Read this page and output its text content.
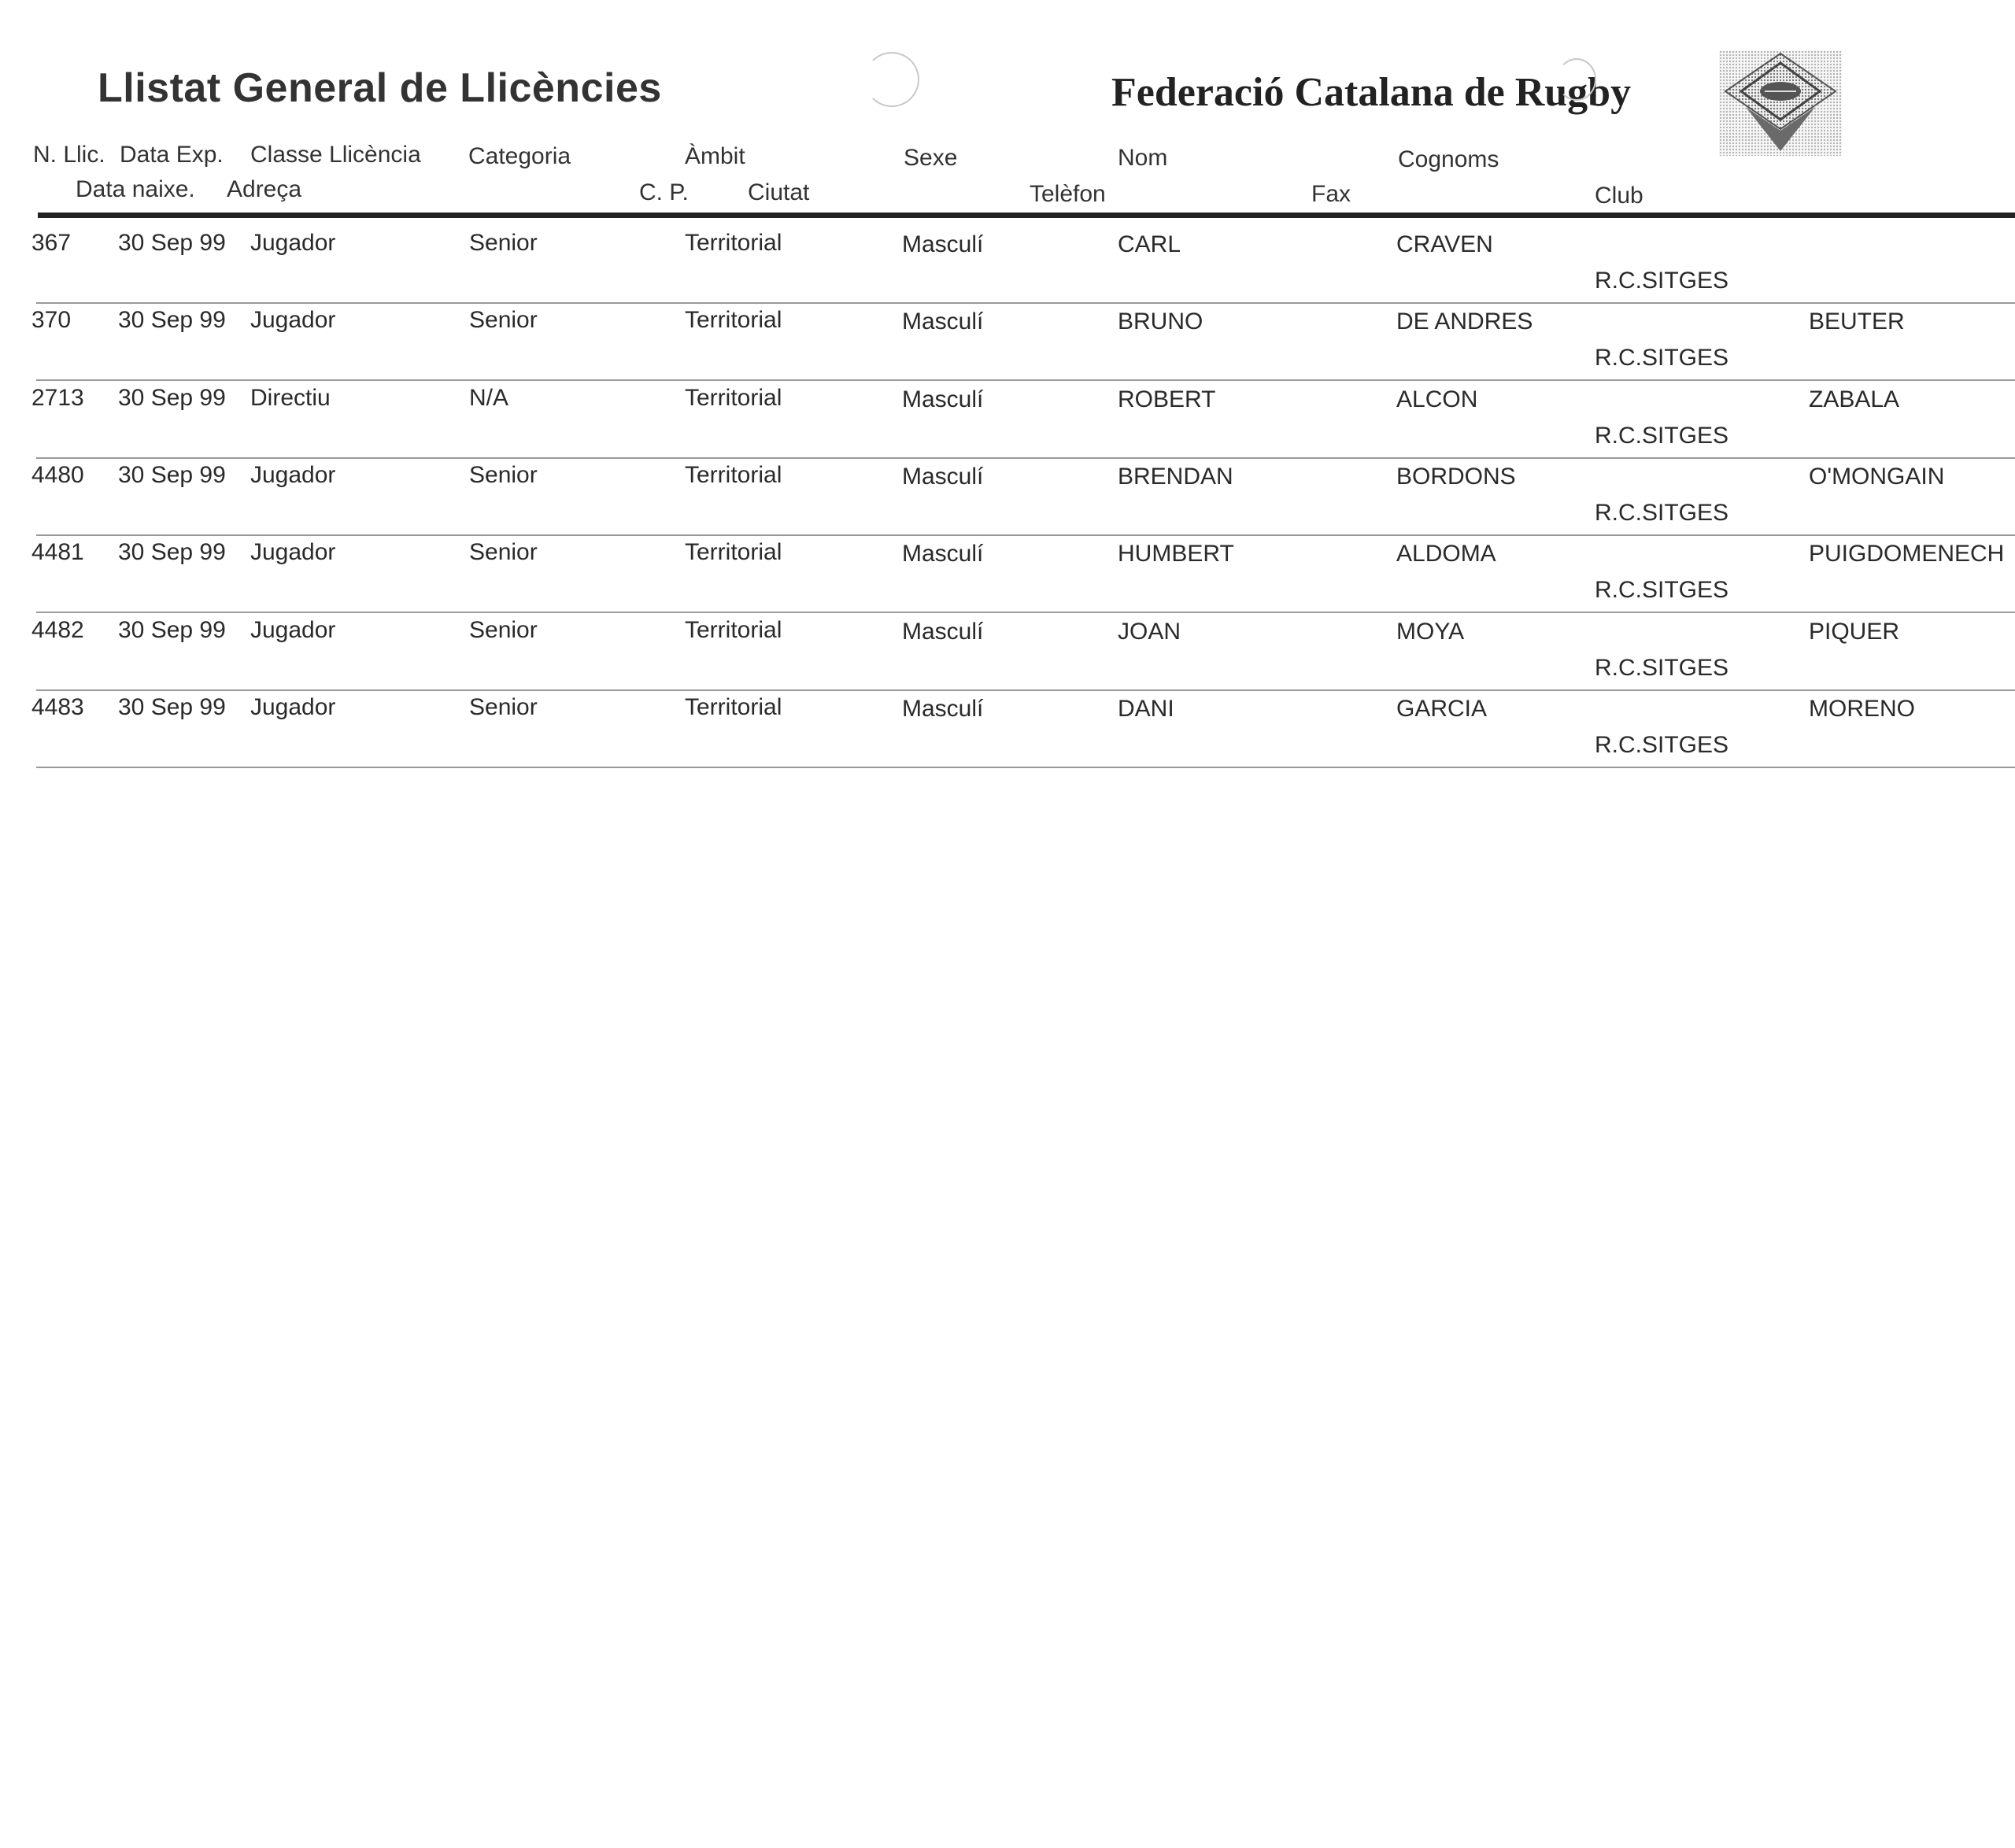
Llistat General de Llicències	Federació Catalana de Rugby
N. Llic. Data Exp. Classe Llicència Categoria	Àmbit	Sexe	Nom	Cognoms
Data naixe. Adreça	C. P.	Ciutat	Telèfon	Fax	Club
367 30 Sep 99 Jugador	Senior	Territorial	Masculí	CARL	CRAVEN
R.C.SITGES
370 30 Sep 99 Jugador	Senior	Territorial	Masculí	BRUNO	DE ANDRES	BEUTER
R.C.SITGES
2713 30 Sep 99 Directiu	N/A	Territorial	Masculí	ROBERT	ALCON	ZABALA
R.C.SITGES
4480 30 Sep 99 Jugador	Senior	Territorial	Masculí	BRENDAN	BORDONS	O'MONGAIN
R.C.SITGES
4481 30 Sep 99 Jugador	Senior	Territorial	Masculí	HUMBERT	ALDOMA	PUIGDOMENECH
R.C.SITGES
4482 30 Sep 99 Jugador	Senior	Territorial	Masculí	JOAN	MOYA	PIQUER
R.C.SITGES
4483 30 Sep 99 Jugador	Senior	Territorial	Masculí	DANI	GARCIA	MORENO
R.C.SITGES
